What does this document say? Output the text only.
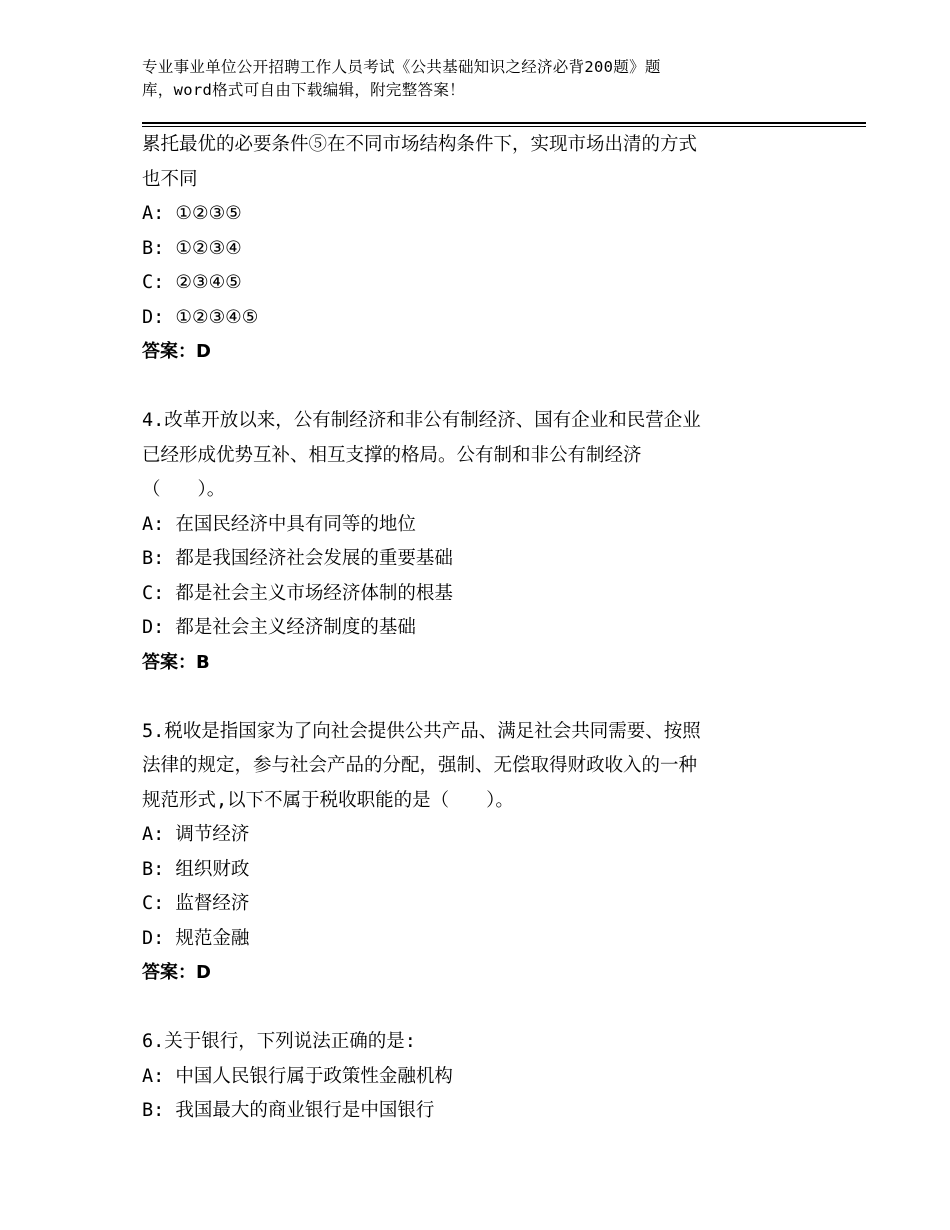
专业事业单位公开招聘工作人员考试《公共基础知识之经济必背200题》题
库，word格式可自由下载编辑，附完整答案！
累托最优的必要条件⑤在不同市场结构条件下，实现市场出清的方式
也不同
A: ①②③⑤
B: ①②③④
C: ②③④⑤
D: ①②③④⑤
答案：D
4.改革开放以来，公有制经济和非公有制经济、国有企业和民营企业
已经形成优势互补、相互支撑的格局。公有制和非公有制经济
（　　）。
A: 在国民经济中具有同等的地位
B: 都是我国经济社会发展的重要基础
C: 都是社会主义市场经济体制的根基
D: 都是社会主义经济制度的基础
答案：B
5.税收是指国家为了向社会提供公共产品、满足社会共同需要、按照
法律的规定，参与社会产品的分配，强制、无偿取得财政收入的一种
规范形式,以下不属于税收职能的是（　　）。
A: 调节经济
B: 组织财政
C: 监督经济
D: 规范金融
答案：D
6.关于银行，下列说法正确的是:
A: 中国人民银行属于政策性金融机构
B: 我国最大的商业银行是中国银行
